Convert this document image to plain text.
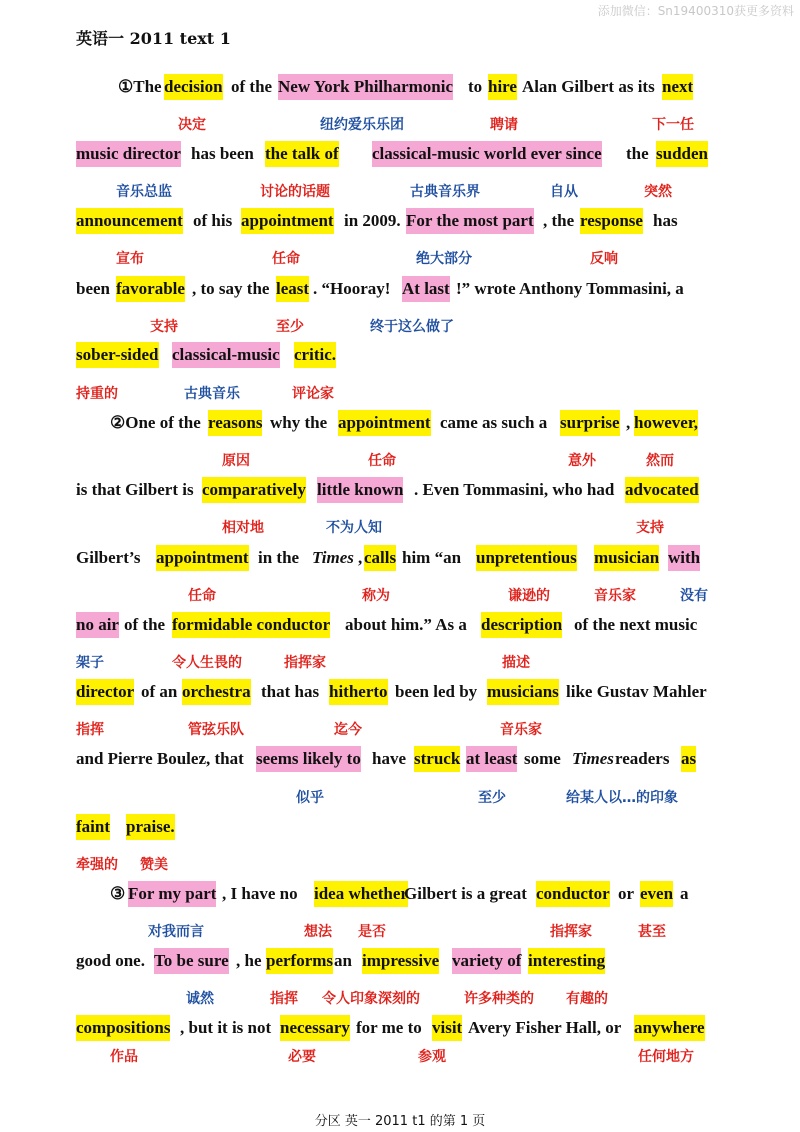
英语一 2011 text 1
添加微信：Sn19400310获更多资料
①The decision of the New York Philharmonic to hire Alan Gilbert as its next
music director has been the talk of classical-music world ever since the sudden
announcement of his appointment in 2009. For the most part , the response has
been favorable , to say the least . “Hooray! At last !” wrote Anthony Tommasini, a
sober-sided classical-music critic.
②One of the reasons why the appointment came as such a surprise , however,
is that Gilbert is comparatively little known . Even Tommasini, who had advocated
Gilbert’s appointment in the Times , calls him “an unpretentious musician with
no air of the formidable conductor about him.” As a description of the next music
director of an orchestra that has hitherto been led by musicians like Gustav Mahler
and Pierre Boulez, that seems likely to have struck at least some Times readers as
faint praise.
③ For my part , I have no idea whether
Gilbert is a great conductor or even a
good one. To be sure , he performs an impressive variety of interesting
compositions , but it is not necessary for me to visit Avery Fisher Hall, or anywhere
决定	纽约爱乐乐团	聘请	下一任
音乐总监	讨论的话题	古典音乐界	自从	突然
宣布	任命	绝大部分	反响
支持	至少	终于这么做了
持重的	古典音乐	评论家
原因	任命	意外	然而
相对地	不为人知	支持
任命	称为	谦逊的	音乐家	没有
架子	令人生畏的	指挥家	描述
指挥	管弦乐队	迄今	音乐家
似乎	至少	给某人以…的印象
牵强的 赞美
对我而言	想法 是否	指挥家	甚至
诚然	指挥 令人印象深刻的	许多种类的 有趣的
作品	必要	参观	任何地方
分区 英一 2011 t1 的第 1 页
